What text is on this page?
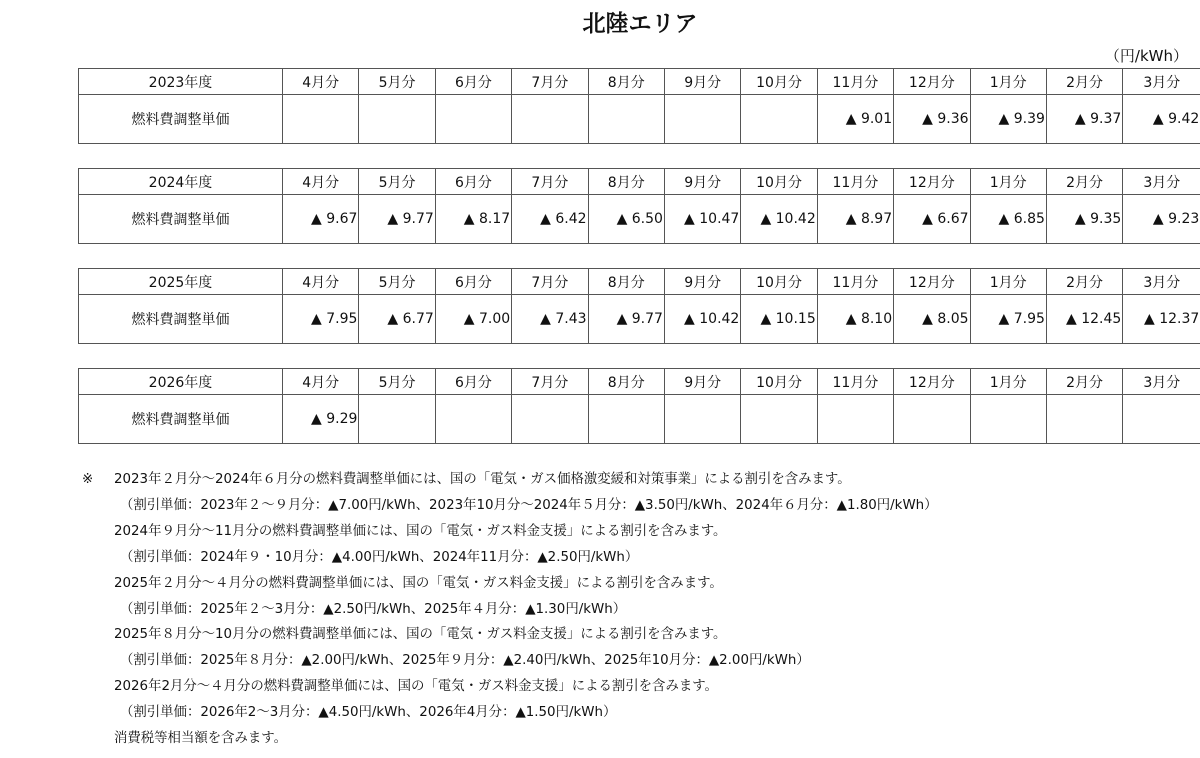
北陸エリア
（円/kWh）
2023年度	4月分	5月分	6月分	7月分	8月分	9月分	10月分	11月分	12月分	1月分	2月分	3月分
燃料費調整単価								▲ 9.01	▲ 9.36	▲ 9.39	▲ 9.37	▲ 9.42
2024年度	4月分	5月分	6月分	7月分	8月分	9月分	10月分	11月分	12月分	1月分	2月分	3月分
燃料費調整単価	▲ 9.67	▲ 9.77	▲ 8.17	▲ 6.42	▲ 6.50	▲ 10.47	▲ 10.42	▲ 8.97	▲ 6.67	▲ 6.85	▲ 9.35	▲ 9.23
2025年度	4月分	5月分	6月分	7月分	8月分	9月分	10月分	11月分	12月分	1月分	2月分	3月分
燃料費調整単価	▲ 7.95	▲ 6.77	▲ 7.00	▲ 7.43	▲ 9.77	▲ 10.42	▲ 10.15	▲ 8.10	▲ 8.05	▲ 7.95	▲ 12.45	▲ 12.37
2026年度	4月分	5月分	6月分	7月分	8月分	9月分	10月分	11月分	12月分	1月分	2月分	3月分
燃料費調整単価	▲ 9.29											
※ 2023年２月分～2024年６月分の燃料費調整単価には、国の「電気・ガス価格激変緩和対策事業」による割引を含みます。
（割引単価：2023年２～９月分：▲7.00円/kWh、2023年10月分～2024年５月分：▲3.50円/kWh、2024年６月分：▲1.80円/kWh）
2024年９月分～11月分の燃料費調整単価には、国の「電気・ガス料金支援」による割引を含みます。
（割引単価：2024年９・10月分：▲4.00円/kWh、2024年11月分：▲2.50円/kWh）
2025年２月分～４月分の燃料費調整単価には、国の「電気・ガス料金支援」による割引を含みます。
（割引単価：2025年２～3月分：▲2.50円/kWh、2025年４月分：▲1.30円/kWh）
2025年８月分～10月分の燃料費調整単価には、国の「電気・ガス料金支援」による割引を含みます。
（割引単価：2025年８月分：▲2.00円/kWh、2025年９月分：▲2.40円/kWh、2025年10月分：▲2.00円/kWh）
2026年2月分～４月分の燃料費調整単価には、国の「電気・ガス料金支援」による割引を含みます。
（割引単価：2026年2～3月分：▲4.50円/kWh、2026年4月分：▲1.50円/kWh）
消費税等相当額を含みます。
